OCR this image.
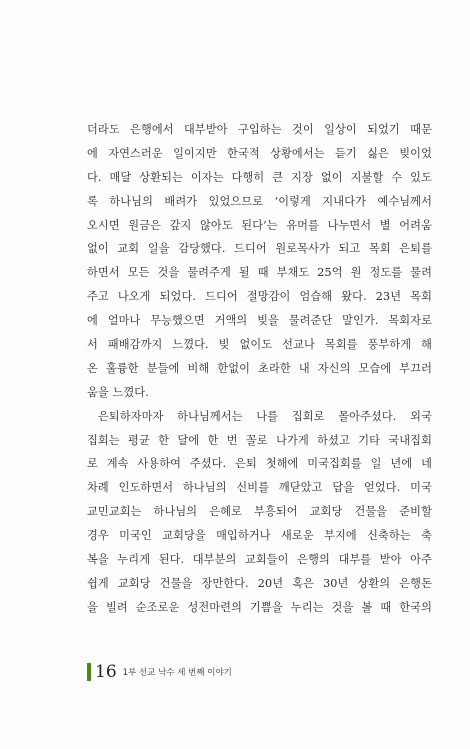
더라도 은행에서 대부받아 구입하는 것이 일상이 되었기 때문
에 자연스러운 일이지만 한국적 상황에서는 듣기 싫은 빚이었
다. 매달 상환되는 이자는 다행히 큰 지장 없이 지불할 수 있도
록 하나님의 배려가 있었으므로 ‘이렇게 지내다가 예수님께서
오시면 원금은 갚지 않아도 된다’는 유머를 나누면서 별 어려움
없이 교회 일을 감당했다. 드디어 원로목사가 되고 목회 은퇴를
하면서 모든 것을 물려주게 될 때 부채도 25억 원 정도를 물려
주고 나오게 되었다. 드디어 절망감이 엄습해 왔다. 23년 목회
에 얼마나 무능했으면 거액의 빚을 물려준단 말인가. 목회자로
서 패배감까지 느꼈다. 빚 없이도 선교나 목회를 풍부하게 해
온 훌륭한 분들에 비해 한없이 초라한 내 자신의 모습에 부끄러
움을 느꼈다.
은퇴하자마자 하나님께서는 나를 집회로 몰아주셨다. 외국
집회는 평균 한 달에 한 번 꼴로 나가게 하셨고 기타 국내집회
로 계속 사용하여 주셨다. 은퇴 첫해에 미국집회를 일 년에 네
차례 인도하면서 하나님의 신비를 깨닫았고 답을 얻었다. 미국
교민교회는 하나님의 은혜로 부흥되어 교회당 건물을 준비할
경우 미국인 교회당을 매입하거나 새로운 부지에 신축하는 축
복을 누리게 된다. 대부분의 교회들이 은행의 대부를 받아 아주
쉽게 교회당 건물을 장만한다. 20년 혹은 30년 상환의 은행돈
을 빌려 순조로운 성전마련의 기쁨을 누리는 것을 볼 때 한국의
16 1부 선교 낙수 세 번째 이야기
